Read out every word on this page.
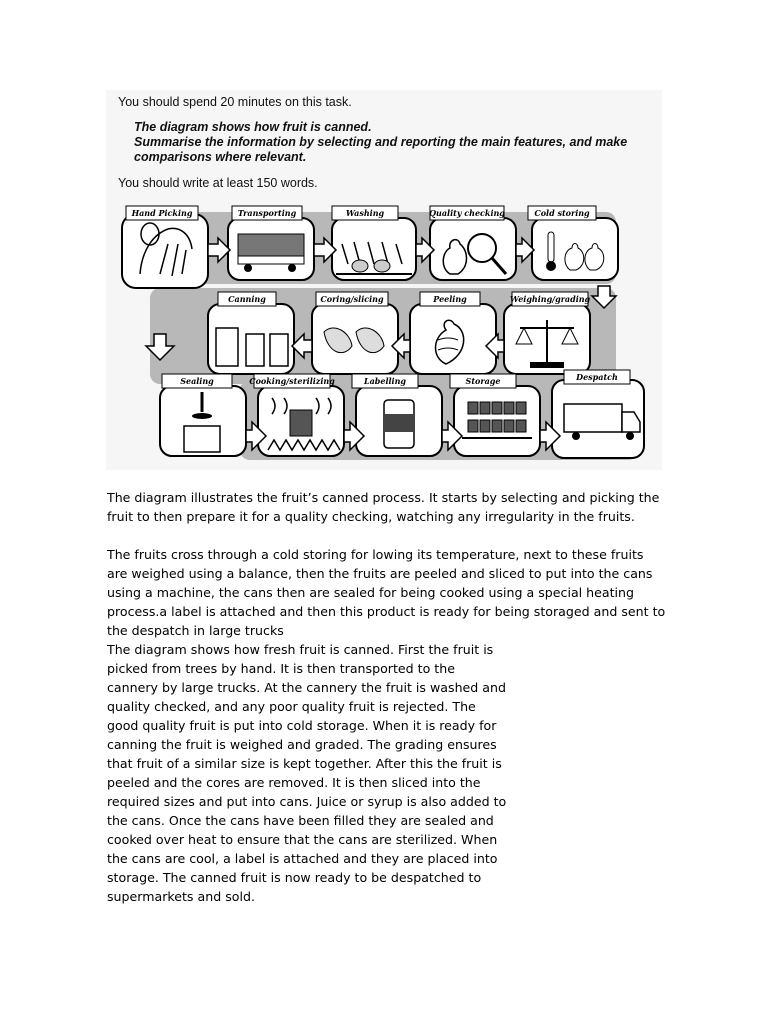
You should spend 20 minutes on this task.
The diagram shows how fruit is canned.
Summarise the information by selecting and reporting the main features, and make
comparisons where relevant.
You should write at least 150 words.
Hand Picking	Transporting	Washing	Quality checking	Cold storing
Canning	Coring/slicing	Peeling	Weighing/grading
Sealing	Cooking/sterilizing	Labelling	Storage	Despatch

The diagram illustrates the fruit’s canned process. It starts by selecting and picking the fruit to then prepare it for a quality checking, watching any irregularity in the fruits.

The fruits cross through a cold storing for lowing its temperature, next to these fruits are weighed using a balance, then the fruits are peeled and sliced to put into the cans using a machine, the cans then are sealed for being cooked using a special heating process.a label is attached and then this product is ready for being storaged and sent to the despatch in large trucks

The diagram shows how fresh fruit is canned. First the fruit is picked from trees by hand. It is then transported to the cannery by large trucks. At the cannery the fruit is washed and quality checked, and any poor quality fruit is rejected. The good quality fruit is put into cold storage. When it is ready for canning the fruit is weighed and graded. The grading ensures that fruit of a similar size is kept together. After this the fruit is peeled and the cores are removed. It is then sliced into the required sizes and put into cans. Juice or syrup is also added to the cans. Once the cans have been filled they are sealed and cooked over heat to ensure that the cans are sterilized. When the cans are cool, a label is attached and they are placed into storage. The canned fruit is now ready to be despatched to supermarkets and sold.
